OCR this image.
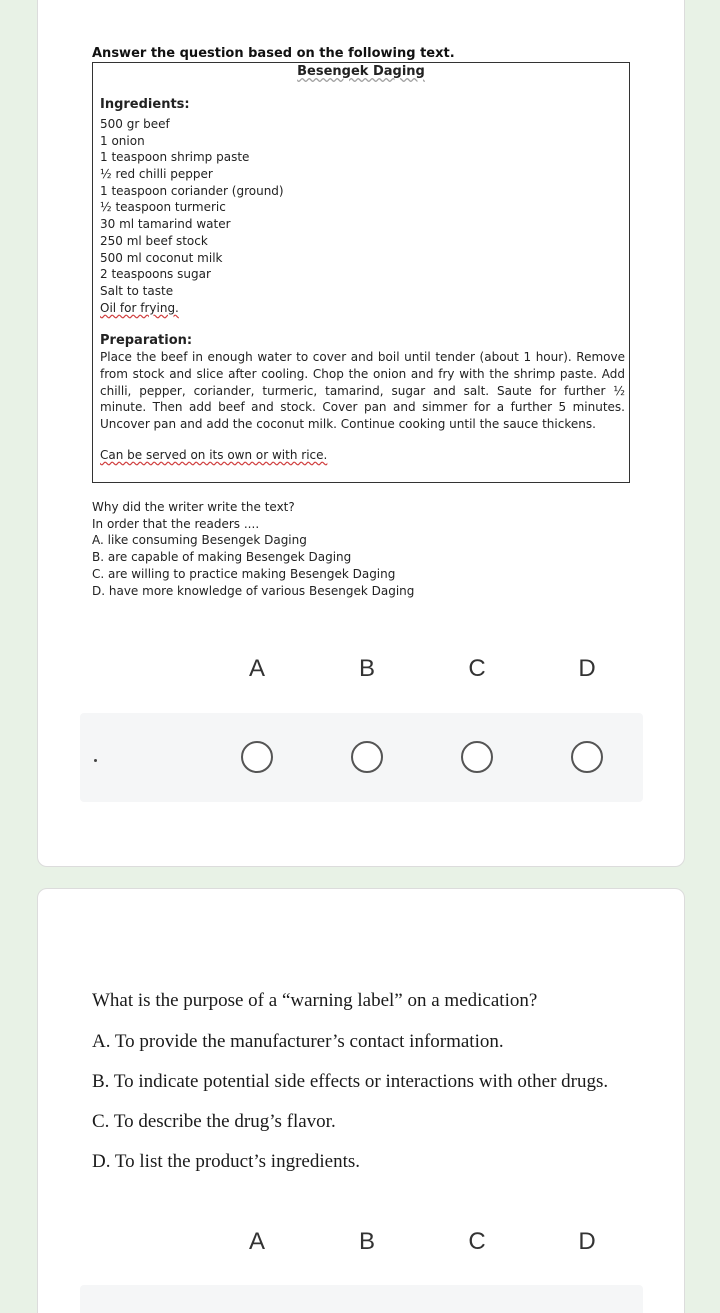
Answer the question based on the following text.
Besengek Daging
Ingredients:
500 gr beef
1 onion
1 teaspoon shrimp paste
½ red chilli pepper
1 teaspoon coriander (ground)
½ teaspoon turmeric
30 ml tamarind water
250 ml beef stock
500 ml coconut milk
2 teaspoons sugar
Salt to taste
Oil for frying.
Preparation:
Place the beef in enough water to cover and boil until tender (about 1 hour). Remove from stock and slice after cooling. Chop the onion and fry with the shrimp paste. Add chilli, pepper, coriander, turmeric, tamarind, sugar and salt. Saute for further ½ minute. Then add beef and stock. Cover pan and simmer for a further 5 minutes. Uncover pan and add the coconut milk. Continue cooking until the sauce thickens.
Can be served on its own or with rice.
Why did the writer write the text?
In order that the readers ....
A. like consuming Besengek Daging
B. are capable of making Besengek Daging
C. are willing to practice making Besengek Daging
D. have more knowledge of various Besengek Daging
A	B	C	D
What is the purpose of a “warning label” on a medication?
A. To provide the manufacturer’s contact information.
B. To indicate potential side effects or interactions with other drugs.
C. To describe the drug’s flavor.
D. To list the product’s ingredients.
A	B	C	D
